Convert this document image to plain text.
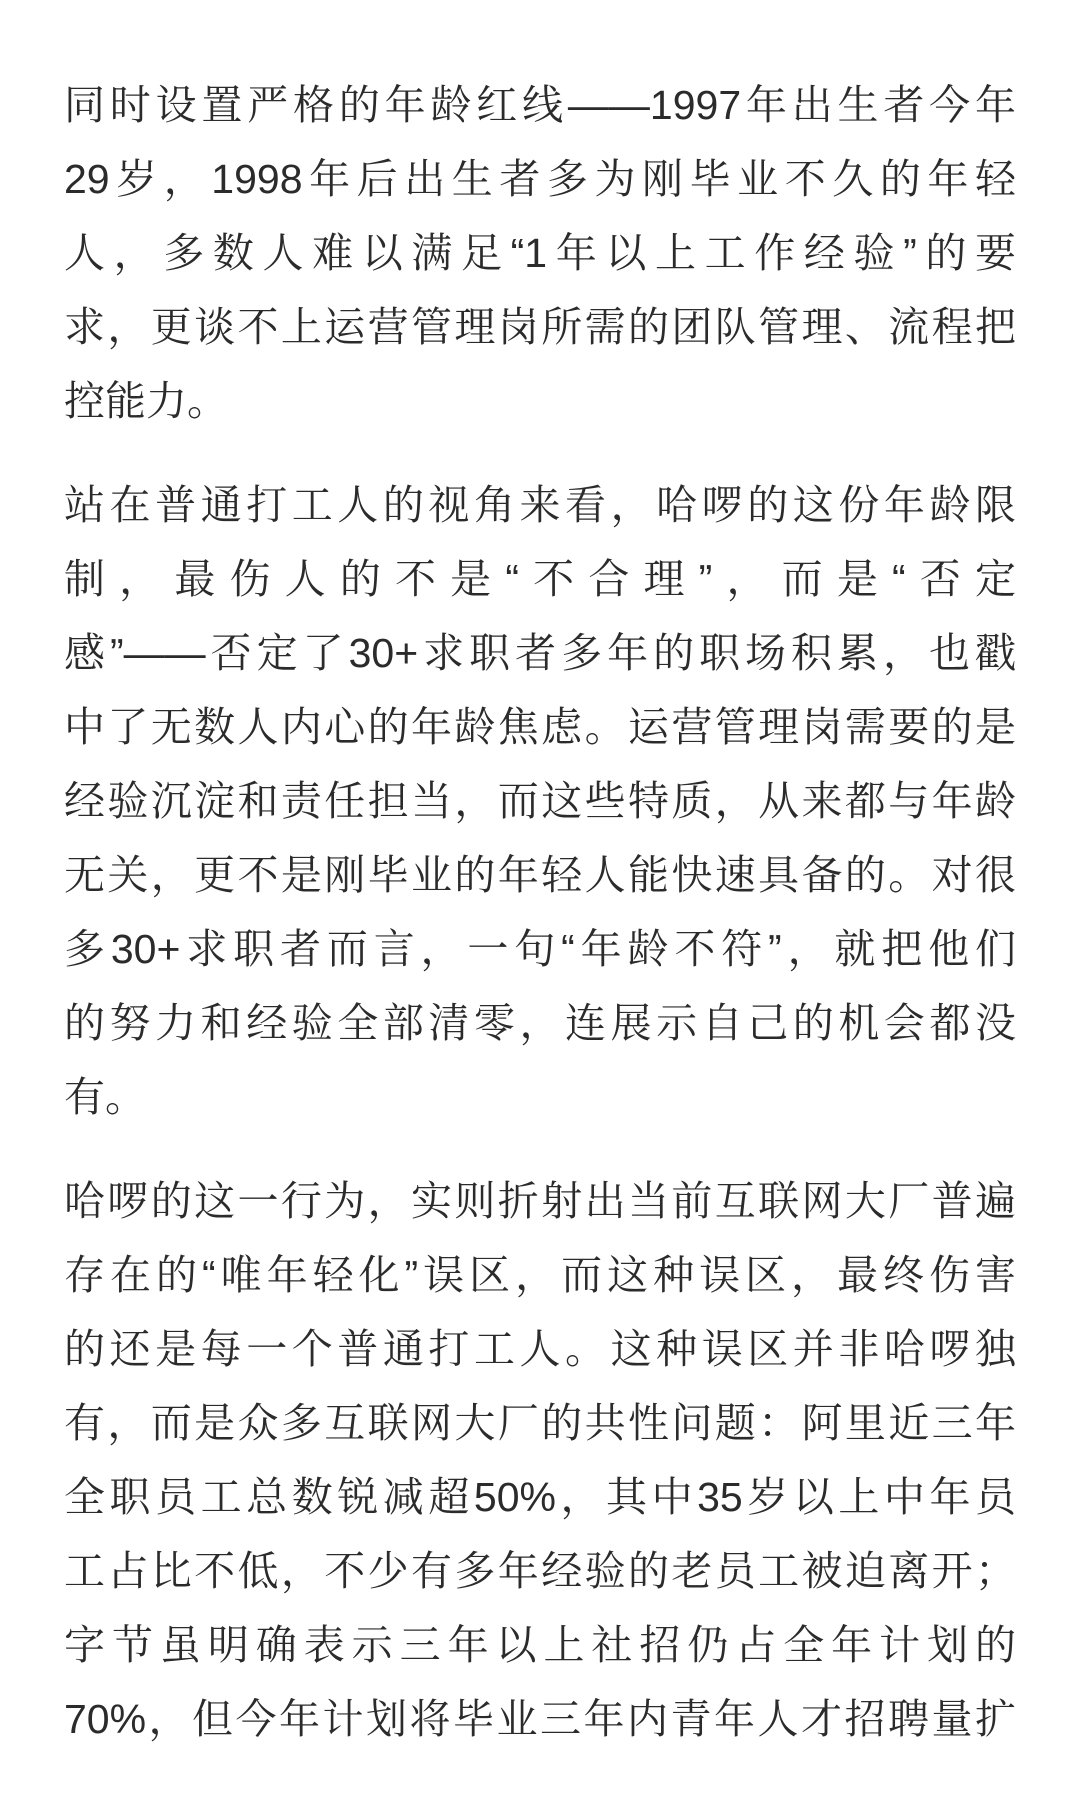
同时设置严格的年龄红线——1997年出生者今年
29岁，1998年后出生者多为刚毕业不久的年轻
人，多数人难以满足“1年以上工作经验”的要
求，更谈不上运营管理岗所需的团队管理、流程把
控能力。
站在普通打工人的视角来看，哈啰的这份年龄限
制，最伤人的不是“不合理”，而是“否定
感”——否定了30+求职者多年的职场积累，也戳
中了无数人内心的年龄焦虑。运营管理岗需要的是
经验沉淀和责任担当，而这些特质，从来都与年龄
无关，更不是刚毕业的年轻人能快速具备的。对很
多30+求职者而言，一句“年龄不符”，就把他们
的努力和经验全部清零，连展示自己的机会都没
有。
哈啰的这一行为，实则折射出当前互联网大厂普遍
存在的“唯年轻化”误区，而这种误区，最终伤害
的还是每一个普通打工人。这种误区并非哈啰独
有，而是众多互联网大厂的共性问题：阿里近三年
全职员工总数锐减超50%，其中35岁以上中年员
工占比不低，不少有多年经验的老员工被迫离开；
字节虽明确表示三年以上社招仍占全年计划的
70%，但今年计划将毕业三年内青年人才招聘量扩
